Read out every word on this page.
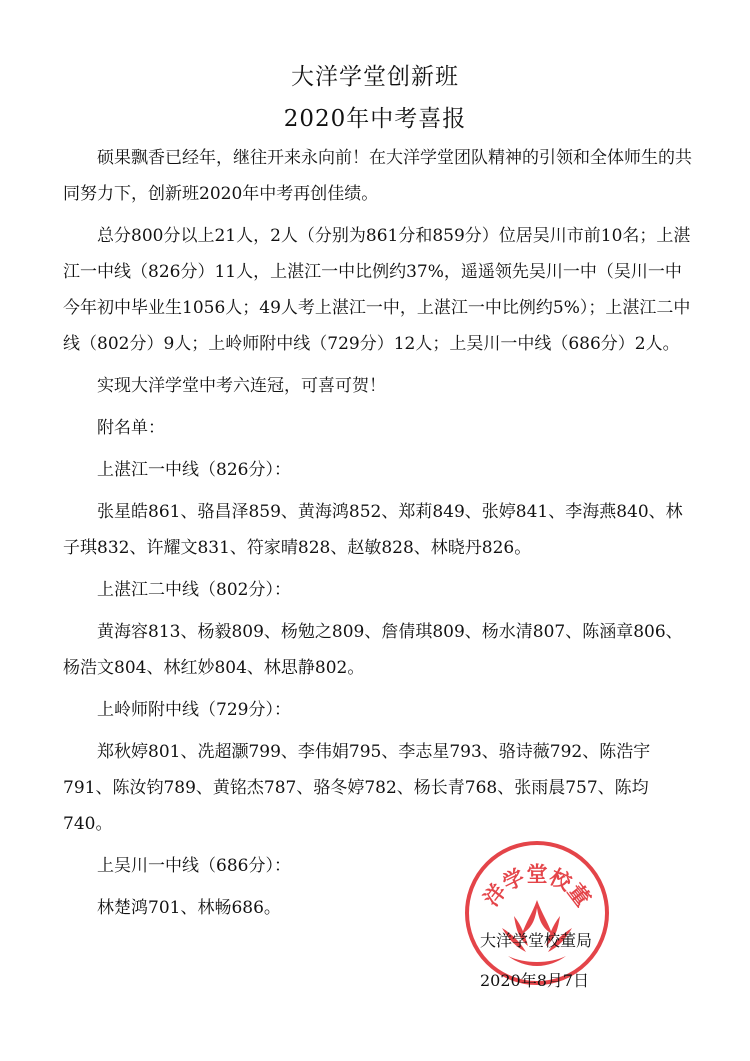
大洋学堂创新班
2020年中考喜报

硕果飘香已经年，继往开来永向前！在大洋学堂团队精神的引领和全体师生的共同努力下，创新班2020年中考再创佳绩。

总分800分以上21人，2人（分别为861分和859分）位居吴川市前10名；上湛江一中线（826分）11人，上湛江一中比例约37%，遥遥领先吴川一中（吴川一中今年初中毕业生1056人；49人考上湛江一中，上湛江一中比例约5%）；上湛江二中线（802分）9人；上岭师附中线（729分）12人；上吴川一中线（686分）2人。

实现大洋学堂中考六连冠，可喜可贺！

附名单：

上湛江一中线（826分）：

张星皓861、骆昌泽859、黄海鸿852、郑莉849、张婷841、李海燕840、林子琪832、许耀文831、符家晴828、赵敏828、林晓丹826。

上湛江二中线（802分）：

黄海容813、杨毅809、杨勉之809、詹倩琪809、杨水清807、陈涵章806、杨浩文804、林红妙804、林思静802。

上岭师附中线（729分）：

郑秋婷801、冼超灏799、李伟娟795、李志星793、骆诗薇792、陈浩宇791、陈汝钧789、黄铭杰787、骆冬婷782、杨长青768、张雨晨757、陈均740。

上吴川一中线（686分）：

林楚鸿701、林畅686。	洋学堂校董
大洋学堂校董局
2020年8月7日
